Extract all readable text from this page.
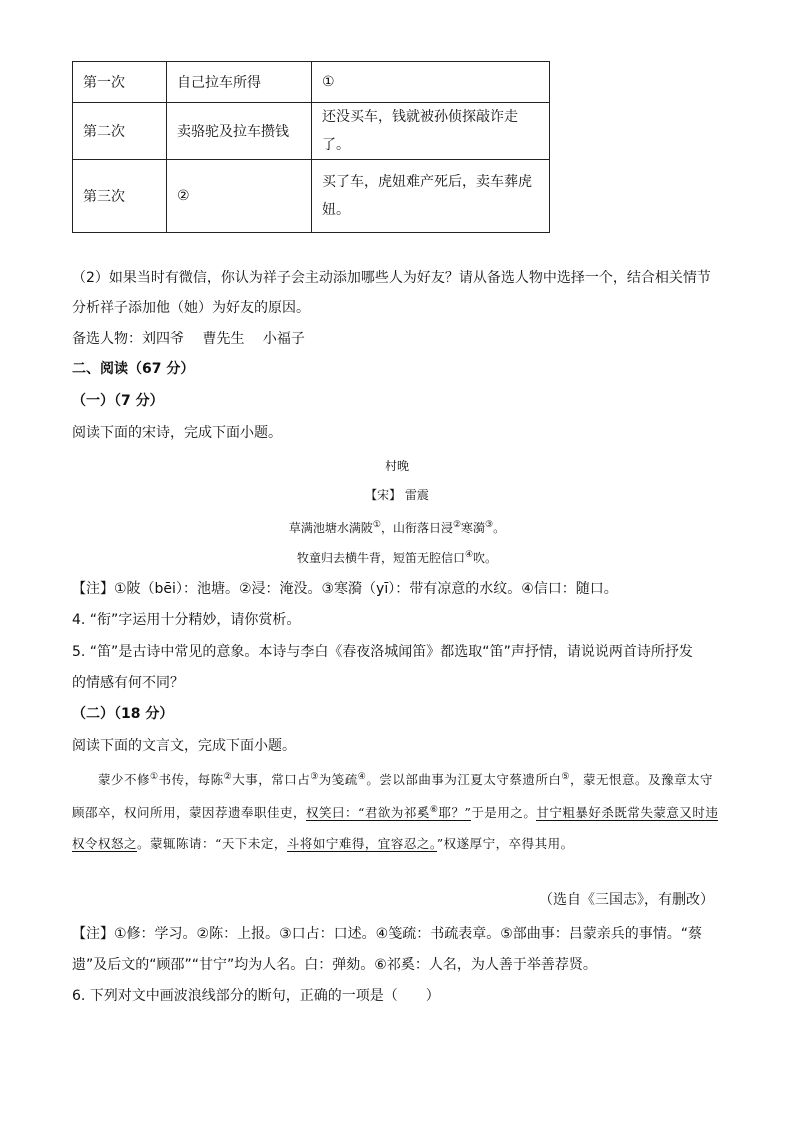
第一次	自己拉车所得	①
第二次	卖骆驼及拉车攒钱	还没买车，钱就被孙侦探敲诈走了。
第三次	②	买了车，虎妞难产死后，卖车葬虎妞。
（2）如果当时有微信，你认为祥子会主动添加哪些人为好友？请从备选人物中选择一个，结合相关情节
分析祥子添加他（她）为好友的原因。
备选人物：刘四爷　 曹先生　 小福子
二、阅读（67 分）
（一）（7 分）
阅读下面的宋诗，完成下面小题。
村晚
【宋】 雷震
草满池塘水满陂①，山衔落日浸②寒漪③。
牧童归去横牛背，短笛无腔信口④吹。
【注】①陂（bēi）：池塘。②浸：淹没。③寒漪（yī）：带有凉意的水纹。④信口：随口。
4. “衔”字运用十分精妙，请你赏析。
5. “笛”是古诗中常见的意象。本诗与李白《春夜洛城闻笛》都选取“笛”声抒情，请说说两首诗所抒发
的情感有何不同？
（二）（18 分）
阅读下面的文言文，完成下面小题。
蒙少不修①书传，每陈②大事，常口占③为笺疏④。尝以部曲事为江夏太守蔡遗所白⑤，蒙无恨意。及豫章太守顾邵卒，权问所用，蒙因荐遗奉职佳吏，权笑曰：“君欲为祁奚⑥耶？”于是用之。甘宁粗暴好杀既常失蒙意又时违权令权怒之。蒙辄陈请：“天下未定，斗将如宁难得，宜容忍之。”权遂厚宁，卒得其用。
（选自《三国志》，有删改）
【注】①修：学习。②陈：上报。③口占：口述。④笺疏：书疏表章。⑤部曲事：吕蒙亲兵的事情。“蔡
遗”及后文的“顾邵”“甘宁”均为人名。白：弹劾。⑥祁奚：人名，为人善于举善荐贤。
6. 下列对文中画波浪线部分的断句，正确的一项是（　　）
